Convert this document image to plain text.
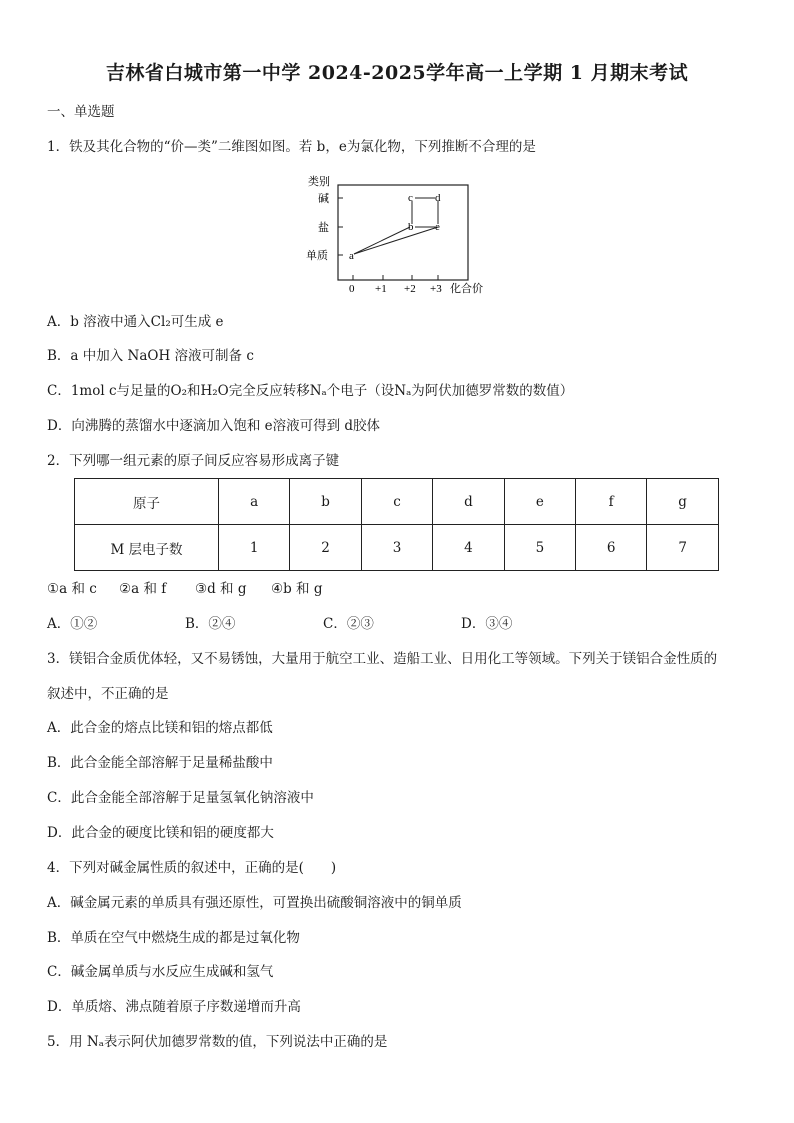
吉林省白城市第一中学 2024-2025学年高一上学期 1 月期末考试
一、单选题
1．铁及其化合物的“价—类”二维图如图。若 b，e为氯化物，下列推断不合理的是
类别
碱
盐
单质
0 +1 +2 +3 化合价
a
b
c d
e
A．b 溶液中通入Cl₂可生成 e
B．a 中加入 NaOH 溶液可制备 c
C．1mol c与足量的O₂和H₂O完全反应转移Nₐ个电子（设Nₐ为阿伏加德罗常数的数值）
D．向沸腾的蒸馏水中逐滴加入饱和 e溶液可得到 d胶体
2．下列哪一组元素的原子间反应容易形成离子键
原子	a	b	c	d	e	f	g
M 层电子数	1	2	3	4	5	6	7
①a 和 c ②a 和 f ③d 和 g ④b 和 g
A．①②	B．②④	C．②③	D．③④
3．镁铝合金质优体轻，又不易锈蚀，大量用于航空工业、造船工业、日用化工等领域。下列关于镁铝合金性质的
叙述中，不正确的是
A．此合金的熔点比镁和铝的熔点都低
B．此合金能全部溶解于足量稀盐酸中
C．此合金能全部溶解于足量氢氧化钠溶液中
D．此合金的硬度比镁和铝的硬度都大
4．下列对碱金属性质的叙述中，正确的是(　　)
A．碱金属元素的单质具有强还原性，可置换出硫酸铜溶液中的铜单质
B．单质在空气中燃烧生成的都是过氧化物
C．碱金属单质与水反应生成碱和氢气
D．单质熔、沸点随着原子序数递增而升高
5．用 Nₐ表示阿伏加德罗常数的值，下列说法中正确的是
